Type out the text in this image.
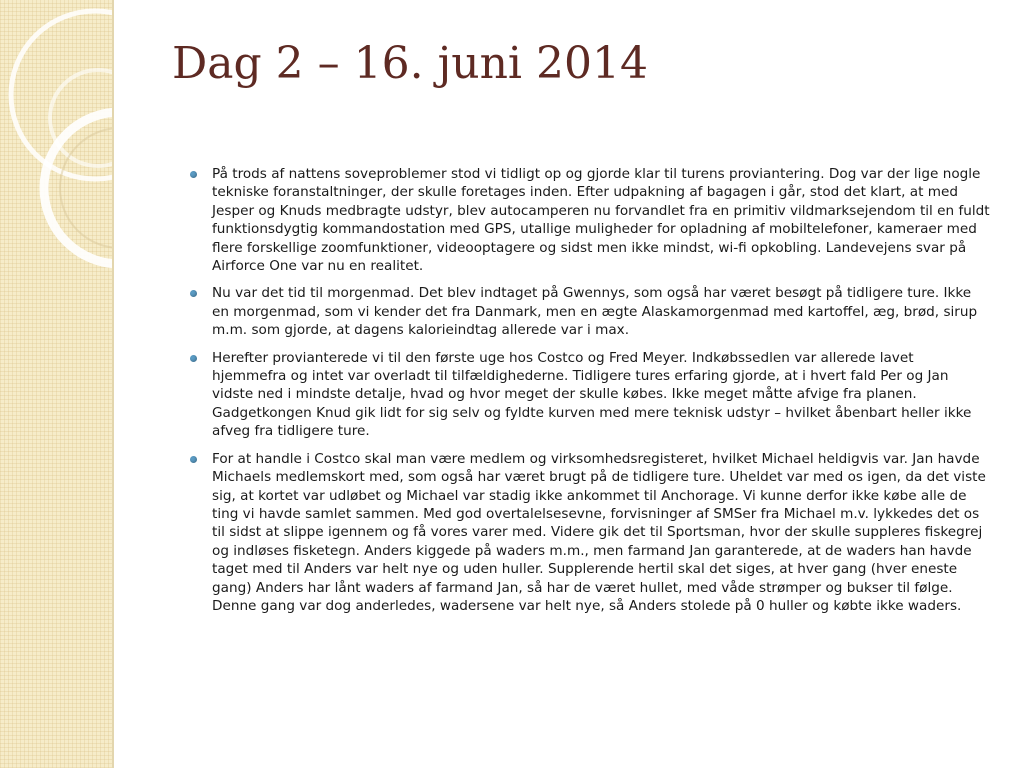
Dag 2 – 16. juni 2014
På trods af nattens soveproblemer stod vi tidligt op og gjorde klar til turens proviantering. Dog var der lige nogle tekniske foranstaltninger, der skulle foretages inden. Efter udpakning af bagagen i går, stod det klart, at med Jesper og Knuds medbragte udstyr, blev autocamperen nu forvandlet fra en primitiv vildmarksejendom til en fuldt funktionsdygtig kommandostation med GPS, utallige muligheder for opladning af mobiltelefoner, kameraer med flere forskellige zoomfunktioner, videooptagere og sidst men ikke mindst, wi-fi opkobling. Landevejens svar på Airforce One var nu en realitet.
Nu var det tid til morgenmad. Det blev indtaget på Gwennys, som også har været besøgt på tidligere ture. Ikke en morgenmad, som vi kender det fra Danmark, men en ægte Alaskamorgenmad med kartoffel, æg, brød, sirup m.m. som gjorde, at dagens kalorieindtag allerede var i max.
Herefter provianterede vi til den første uge hos Costco og Fred Meyer. Indkøbssedlen var allerede lavet hjemmefra og intet var overladt til tilfældighederne. Tidligere tures erfaring gjorde, at i hvert fald Per og Jan vidste ned i mindste detalje, hvad og hvor meget der skulle købes. Ikke meget måtte afvige fra planen. Gadgetkongen Knud gik lidt for sig selv og fyldte kurven med mere teknisk udstyr – hvilket åbenbart heller ikke afveg fra tidligere ture.
For at handle i Costco skal man være medlem og virksomhedsregisteret, hvilket Michael heldigvis var. Jan havde Michaels medlemskort med, som også har været brugt på de tidligere ture. Uheldet var med os igen, da det viste sig, at kortet var udløbet og Michael var stadig ikke ankommet til Anchorage. Vi kunne derfor ikke købe alle de ting vi havde samlet sammen. Med god overtalelsesevne, forvisninger af SMSer fra Michael m.v. lykkedes det os til sidst at slippe igennem og få vores varer med. Videre gik det til Sportsman, hvor der skulle suppleres fiskegrej og indløses fisketegn. Anders kiggede på waders m.m., men farmand Jan garanterede, at de waders han havde taget med til Anders var helt nye og uden huller. Supplerende hertil skal det siges, at hver gang (hver eneste gang) Anders har lånt waders af farmand Jan, så har de været hullet, med våde strømper og bukser til følge. Denne gang var dog anderledes, wadersene var helt nye, så Anders stolede på 0 huller og købte ikke waders.
